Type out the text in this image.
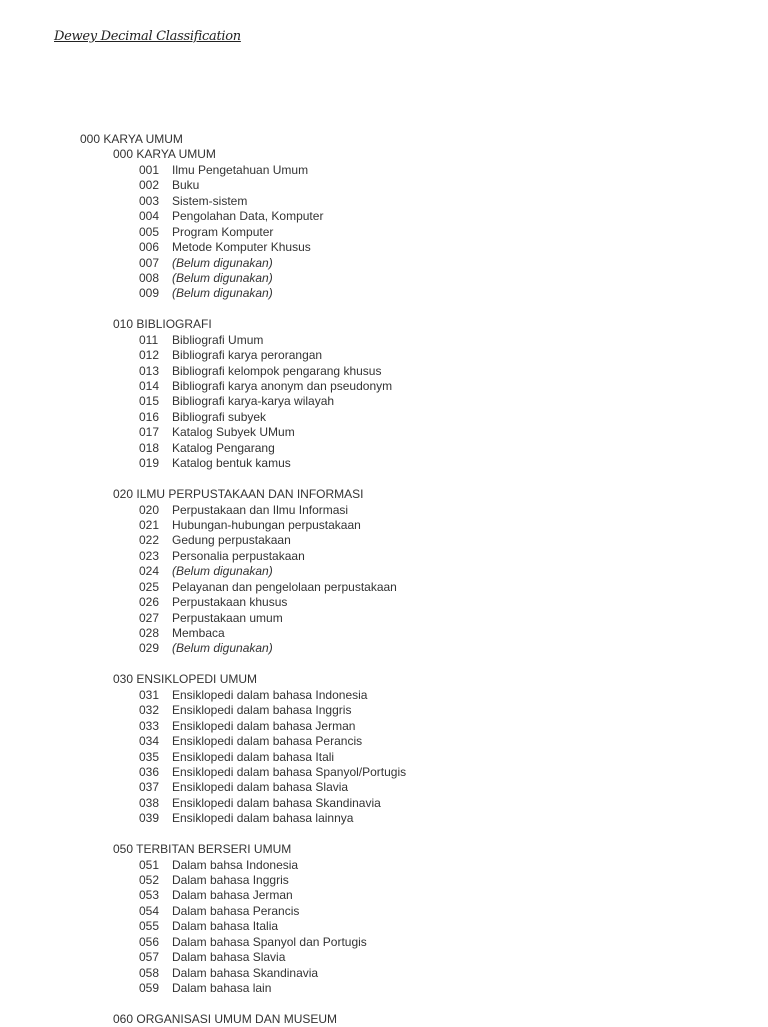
Dewey Decimal Classification
000 KARYA UMUM
000 KARYA UMUM
001 Ilmu Pengetahuan Umum
002 Buku
003 Sistem-sistem
004 Pengolahan Data, Komputer
005 Program Komputer
006 Metode Komputer Khusus
007 (Belum digunakan)
008 (Belum digunakan)
009 (Belum digunakan)
010 BIBLIOGRAFI
011 Bibliografi Umum
012 Bibliografi karya perorangan
013 Bibliografi kelompok pengarang khusus
014 Bibliografi karya anonym dan pseudonym
015 Bibliografi karya-karya wilayah
016 Bibliografi subyek
017 Katalog Subyek UMum
018 Katalog Pengarang
019 Katalog bentuk kamus
020 ILMU PERPUSTAKAAN DAN INFORMASI
020 Perpustakaan dan Ilmu Informasi
021 Hubungan-hubungan perpustakaan
022 Gedung perpustakaan
023 Personalia perpustakaan
024 (Belum digunakan)
025 Pelayanan dan pengelolaan perpustakaan
026 Perpustakaan khusus
027 Perpustakaan umum
028 Membaca
029 (Belum digunakan)
030 ENSIKLOPEDI UMUM
031 Ensiklopedi dalam bahasa Indonesia
032 Ensiklopedi dalam bahasa Inggris
033 Ensiklopedi dalam bahasa Jerman
034 Ensiklopedi dalam bahasa Perancis
035 Ensiklopedi dalam bahasa Itali
036 Ensiklopedi dalam bahasa Spanyol/Portugis
037 Ensiklopedi dalam bahasa Slavia
038 Ensiklopedi dalam bahasa Skandinavia
039 Ensiklopedi dalam bahasa lainnya
050 TERBITAN BERSERI UMUM
051 Dalam bahsa Indonesia
052 Dalam bahasa Inggris
053 Dalam bahasa Jerman
054 Dalam bahasa Perancis
055 Dalam bahasa Italia
056 Dalam bahasa Spanyol dan Portugis
057 Dalam bahasa Slavia
058 Dalam bahasa Skandinavia
059 Dalam bahasa lain
060 ORGANISASI UMUM DAN MUSEUM
